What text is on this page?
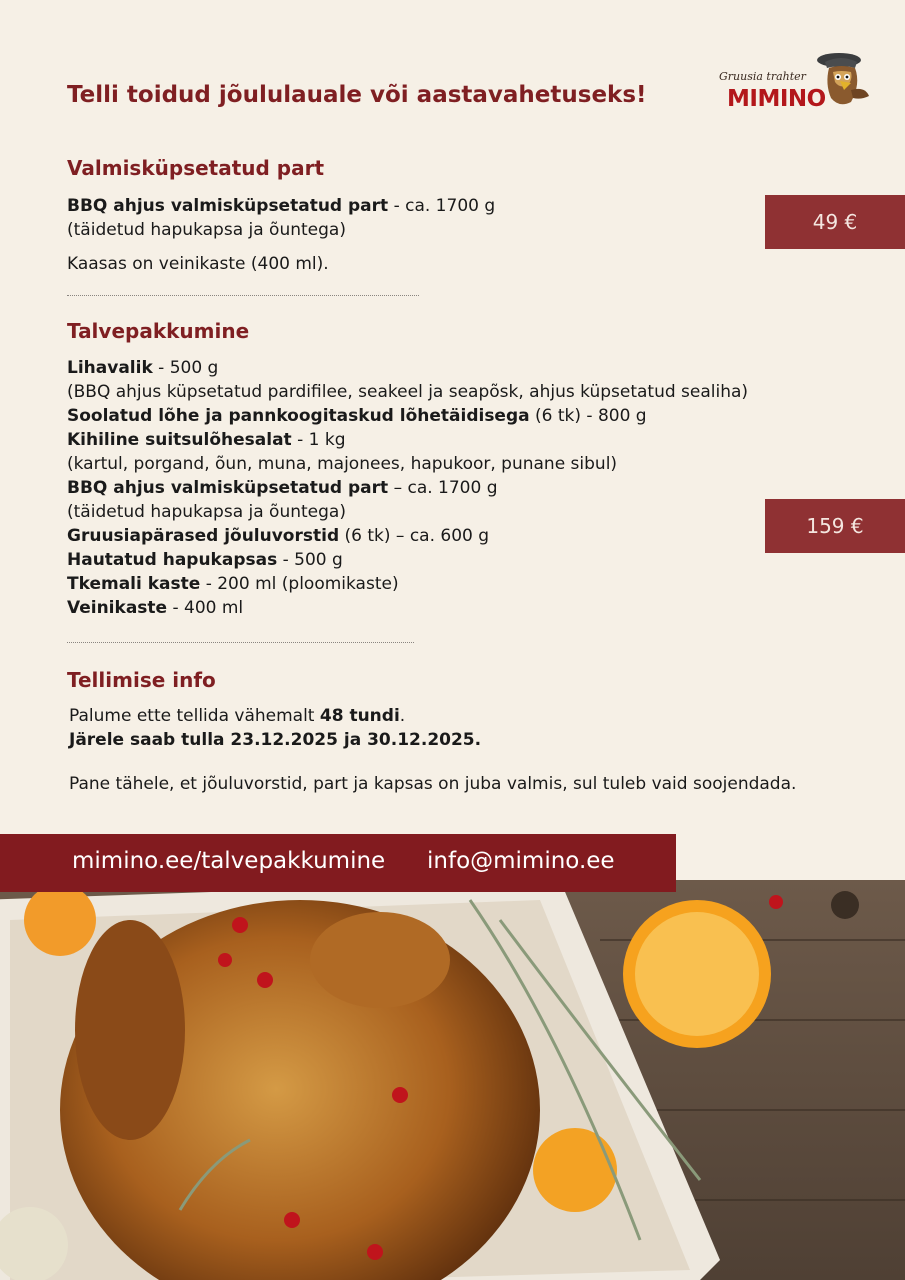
Telli toidud jõululauale või aastavahetuseks!
Gruusia trahter
MIMINO
Valmisküpsetatud part
BBQ ahjus valmisküpsetatud part - ca. 1700 g
(täidetud hapukapsa ja õuntega)
Kaasas on veinikaste (400 ml).
49 €
Talvepakkumine
Lihavalik - 500 g
(BBQ ahjus küpsetatud pardifilee, seakeel ja seapõsk, ahjus küpsetatud sealiha)
Soolatud lõhe ja pannkoogitaskud lõhetäidisega (6 tk) - 800 g
Kihiline suitsulõhesalat - 1 kg
(kartul, porgand, õun, muna, majonees, hapukoor, punane sibul)
BBQ ahjus valmisküpsetatud part – ca. 1700 g
(täidetud hapukapsa ja õuntega)
Gruusiapärased jõuluvorstid (6 tk) – ca. 600 g
Hautatud hapukapsas - 500 g
Tkemali kaste - 200 ml (ploomikaste)
Veinikaste - 400 ml
159 €
Tellimise info
Palume ette tellida vähemalt 48 tundi.
Järele saab tulla 23.12.2025 ja 30.12.2025.
Pane tähele, et jõuluvorstid, part ja kapsas on juba valmis, sul tuleb vaid soojendada.
mimino.ee/talvepakkumine info@mimino.ee
